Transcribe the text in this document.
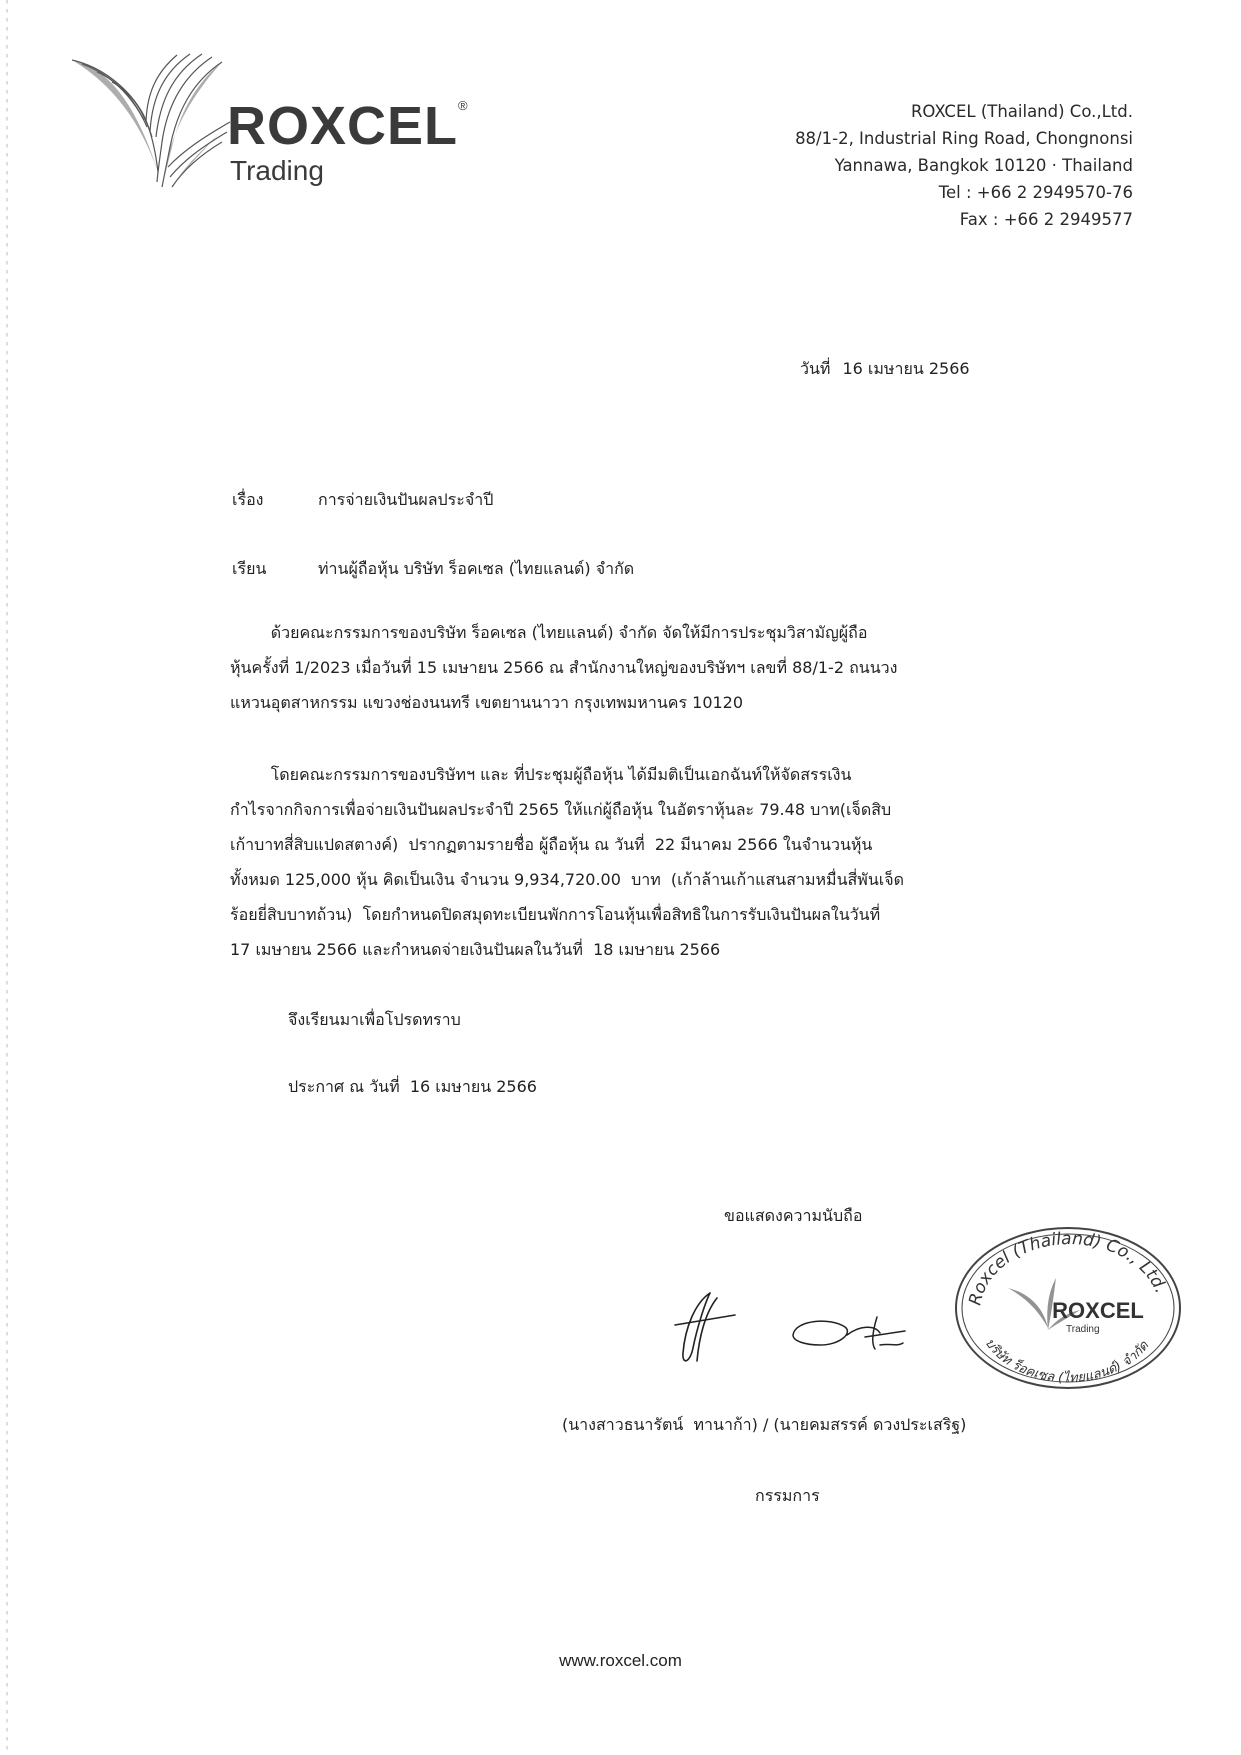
ROXCEL®
Trading
ROXCEL (Thailand) Co.,Ltd.
88/1-2, Industrial Ring Road, Chongnonsi
Yannawa, Bangkok 10120 · Thailand
Tel : +66 2 2949570-76
Fax : +66 2 2949577
วันที่ 16 เมษายน 2566
เรื่อง	การจ่ายเงินปันผลประจำปี
เรียน	ท่านผู้ถือหุ้น บริษัท ร็อคเซล (ไทยแลนด์) จำกัด
ด้วยคณะกรรมการของบริษัท ร็อคเซล (ไทยแลนด์) จำกัด จัดให้มีการประชุมวิสามัญผู้ถือ
หุ้นครั้งที่ 1/2023 เมื่อวันที่ 15 เมษายน 2566 ณ สำนักงานใหญ่ของบริษัทฯ เลขที่ 88/1-2 ถนนวง
แหวนอุตสาหกรรม แขวงช่องนนทรี เขตยานนาวา กรุงเทพมหานคร 10120
โดยคณะกรรมการของบริษัทฯ และ ที่ประชุมผู้ถือหุ้น ได้มีมติเป็นเอกฉันท์ให้จัดสรรเงิน
กำไรจากกิจการเพื่อจ่ายเงินปันผลประจำปี 2565 ให้แก่ผู้ถือหุ้น ในอัตราหุ้นละ 79.48 บาท(เจ็ดสิบ
เก้าบาทสี่สิบแปดสตางค์)  ปรากฏตามรายชื่อ ผู้ถือหุ้น ณ วันที่  22 มีนาคม 2566 ในจำนวนหุ้น
ทั้งหมด 125,000 หุ้น คิดเป็นเงิน จำนวน 9,934,720.00  บาท  (เก้าล้านเก้าแสนสามหมื่นสี่พันเจ็ด
ร้อยยี่สิบบาทถ้วน)  โดยกำหนดปิดสมุดทะเบียนพักการโอนหุ้นเพื่อสิทธิในการรับเงินปันผลในวันที่
17 เมษายน 2566 และกำหนดจ่ายเงินปันผลในวันที่  18 เมษายน 2566
จึงเรียนมาเพื่อโปรดทราบ
ประกาศ ณ วันที่  16 เมษายน 2566
ขอแสดงความนับถือ
Roxcel (Thailand) Co., Ltd.
บริษัท ร็อคเซล (ไทยแลนด์) จำกัด
ROXCEL
Trading
(นางสาวธนารัตน์  ทานาก้า) / (นายคมสรรค์ ดวงประเสริฐ)
กรรมการ
www.roxcel.com
